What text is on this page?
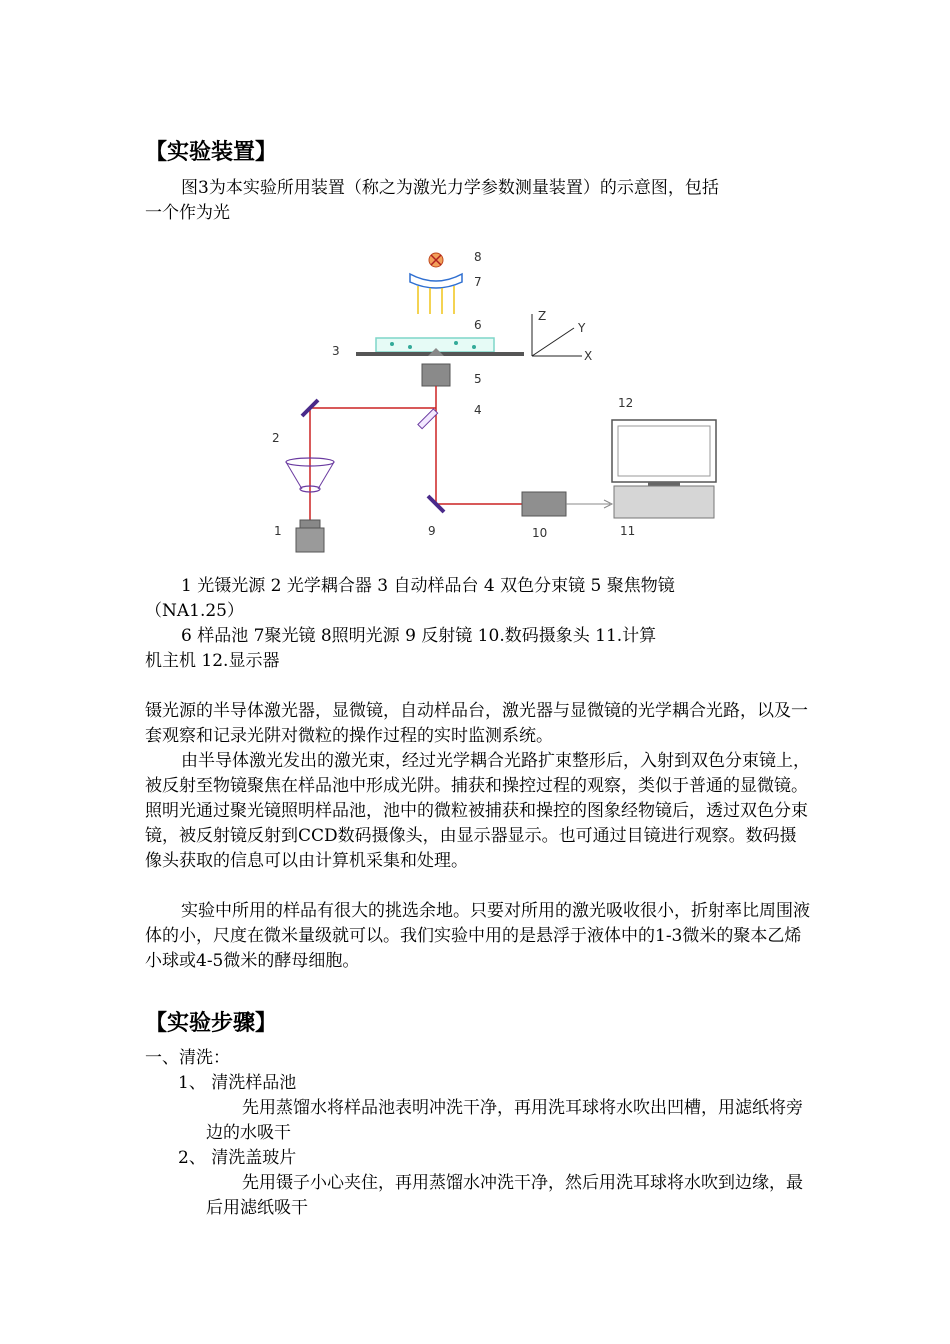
【实验装置】
图3为本实验所用装置（称之为激光力学参数测量装置）的示意图，包括
一个作为光
Z
Y
X
1
2
3
4
5
6
7
8
9	10	11
12
1 光镊光源 2 光学耦合器 3 自动样品台 4 双色分束镜 5 聚焦物镜
（NA1.25）
6 样品池 7聚光镜 8照明光源 9 反射镜 10.数码摄象头 11.计算
机主机 12.显示器
镊光源的半导体激光器，显微镜，自动样品台，激光器与显微镜的光学耦合光路，以及一套观察和记录光阱对微粒的操作过程的实时监测系统。
由半导体激光发出的激光束，经过光学耦合光路扩束整形后，入射到双色分束镜上，被反射至物镜聚焦在样品池中形成光阱。捕获和操控过程的观察，类似于普通的显微镜。照明光通过聚光镜照明样品池，池中的微粒被捕获和操控的图象经物镜后，透过双色分束镜，被反射镜反射到CCD数码摄像头，由显示器显示。也可通过目镜进行观察。数码摄像头获取的信息可以由计算机采集和处理。
实验中所用的样品有很大的挑选余地。只要对所用的激光吸收很小，折射率比周围液体的小，尺度在微米量级就可以。我们实验中用的是悬浮于液体中的1-3微米的聚本乙烯小球或4-5微米的酵母细胞。
【实验步骤】
一、清洗：
1、 清洗样品池
先用蒸馏水将样品池表明冲洗干净，再用洗耳球将水吹出凹槽，用滤纸将旁边的水吸干
2、 清洗盖玻片
先用镊子小心夹住，再用蒸馏水冲洗干净，然后用洗耳球将水吹到边缘，最后用滤纸吸干
